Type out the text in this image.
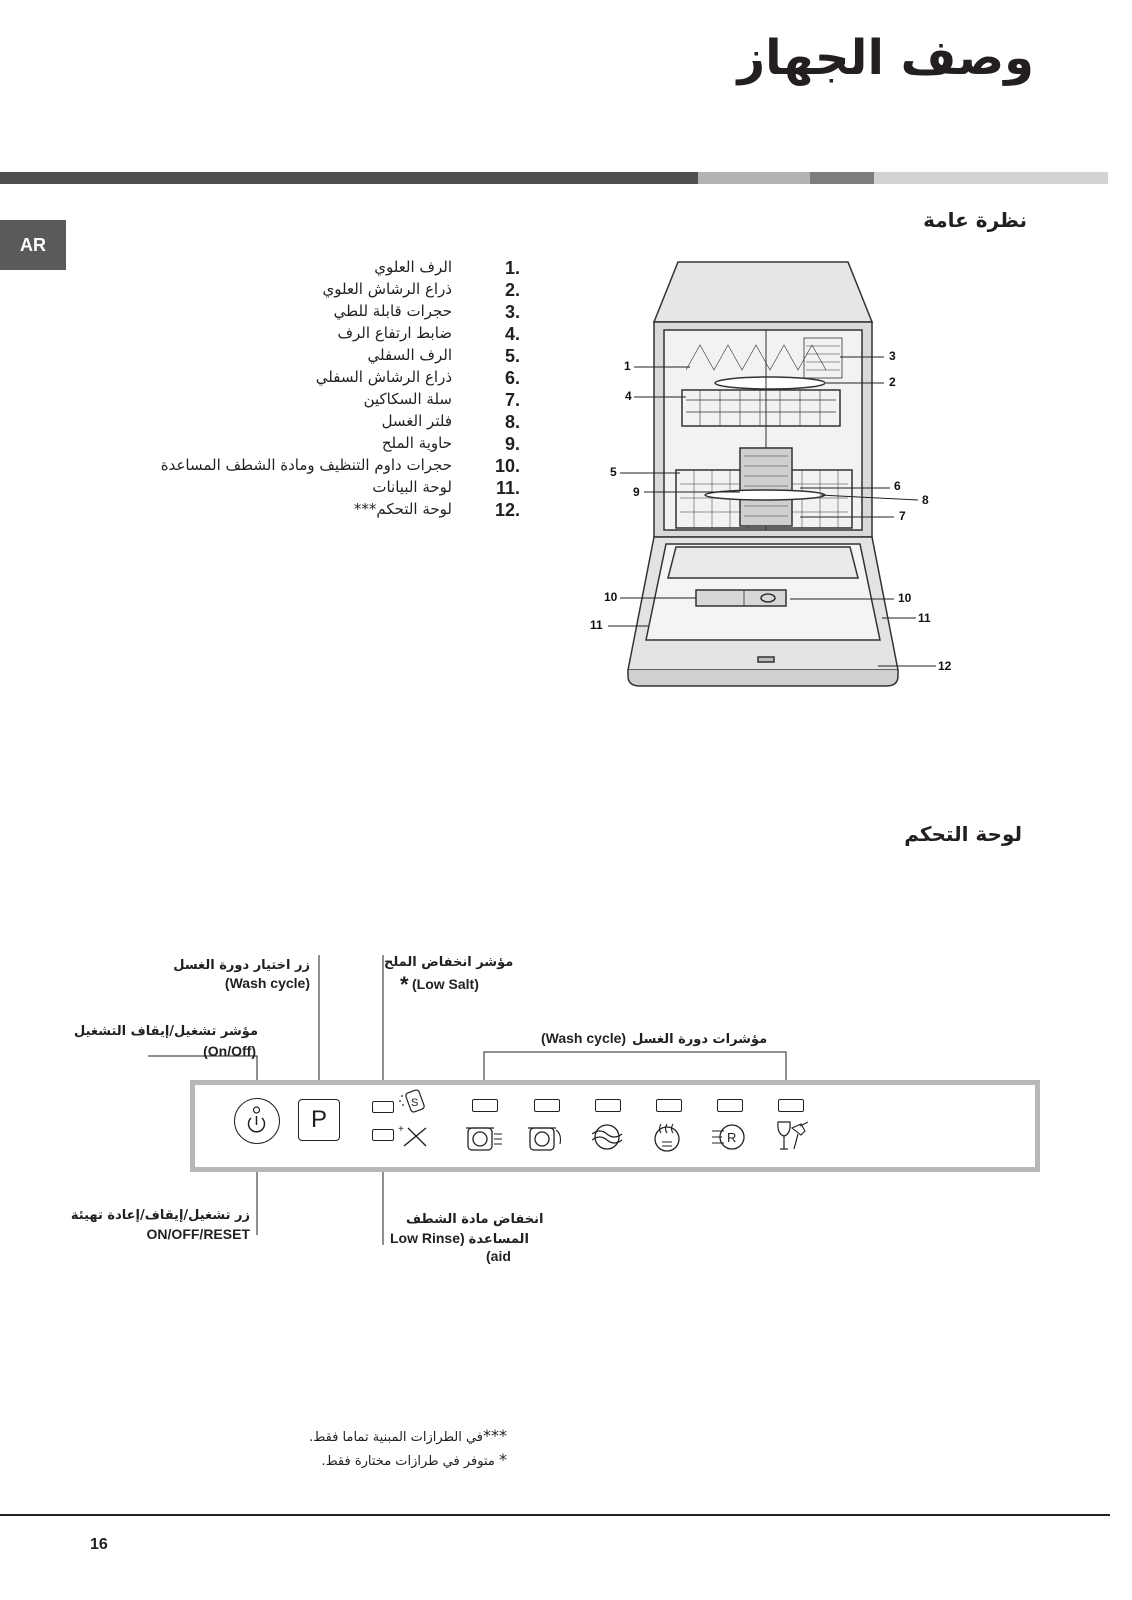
وصف الجهاز
AR
نظرة عامة
1.
الرف العلوي
2.
ذراع الرشاش العلوي
3.
حجرات قابلة للطي
4.
ضابط ارتفاع الرف
5.
الرف السفلي
6.
ذراع الرشاش السفلي
7.
سلة السكاكين
8.
فلتر الغسل
9.
حاوية الملح
10.
حجرات داوم التنظيف ومادة الشطف المساعدة
11.
لوحة البيانات
12.
لوحة التحكم***
1
4
5
9
10
11
3
2
6
8
7
10
11
12
لوحة التحكم
زر اختيار دورة الغسل
(Wash cycle)
مؤشر انخفاض الملح
* (Low Salt)
مؤشر تشغيل/إيقاف التشغيل
(On/Off)
(Wash cycle) مؤشرات دورة الغسل
زر تشغيل/إيقاف/إعادة تهيئة
ON/OFF/RESET
انخفاض مادة الشطف
Low Rinse) المساعدة
(aid
P
S
+
R
***في الطرازات المبنية تماما فقط.
* متوفر في طرازات مختارة فقط.
16
